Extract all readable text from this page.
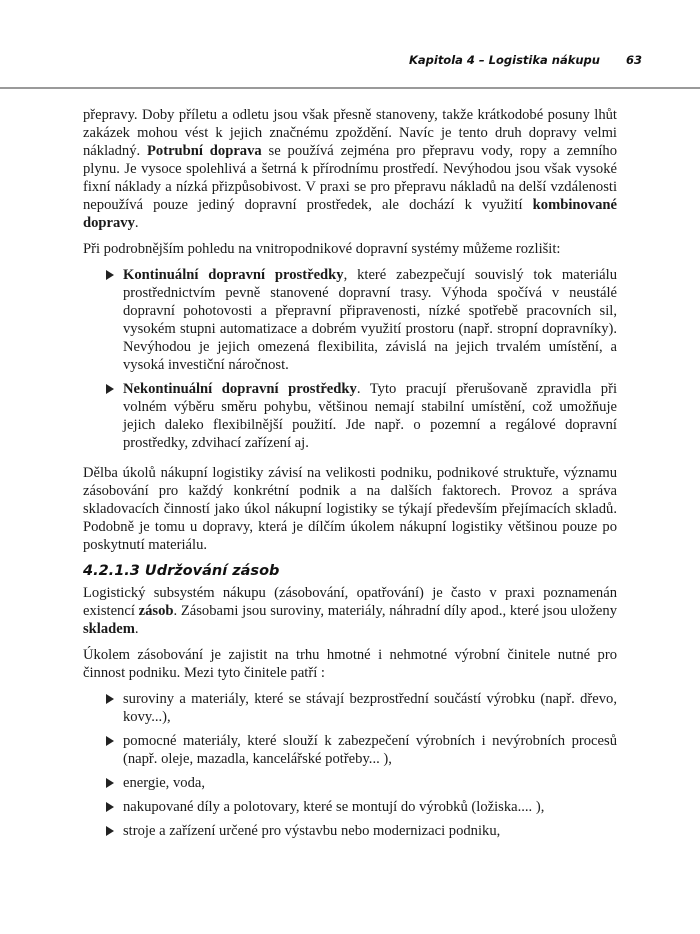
Kapitola 4 – Logistika nákupu 63

přepravy. Doby příletu a odletu jsou však přesně stanoveny, takže krátkodobé posuny lhůt zakázek mohou vést k jejich značnému zpoždění. Navíc je tento druh dopravy velmi nákladný. Potrubní doprava se používá zejména pro přepravu vody, ropy a zemního plynu. Je vysoce spolehlivá a šetrná k přírodnímu prostředí. Nevýhodou jsou však vysoké fixní náklady a nízká přizpůsobivost. V praxi se pro přepravu nákladů na delší vzdálenosti nepoužívá pouze jediný dopravní prostředek, ale dochází k využití kombinované dopravy.

Při podrobnějším pohledu na vnitropodnikové dopravní systémy můžeme rozlišit:

Kontinuální dopravní prostředky, které zabezpečují souvislý tok materiálu prostřednictvím pevně stanovené dopravní trasy. Výhoda spočívá v neustálé dopravní pohotovosti a přepravní připravenosti, nízké spotřebě pracovních sil, vysokém stupni automatizace a dobrém využití prostoru (např. stropní dopravníky). Nevýhodou je jejich omezená flexibilita, závislá na jejich trvalém umístění, a vysoká investiční náročnost.
Nekontinuální dopravní prostředky. Tyto pracují přerušovaně zpravidla při volném výběru směru pohybu, většinou nemají stabilní umístění, což umožňuje jejich daleko flexibilnější použití. Jde např. o pozemní a regálové dopravní prostředky, zdvihací zařízení aj.

Dělba úkolů nákupní logistiky závisí na velikosti podniku, podnikové struktuře, významu zásobování pro každý konkrétní podnik a na dalších faktorech. Provoz a správa skladovacích činností jako úkol nákupní logistiky se týkají především přejímacích skladů. Podobně je tomu u dopravy, která je dílčím úkolem nákupní logistiky většinou pouze po poskytnutí materiálu.

4.2.1.3 Udržování zásob

Logistický subsystém nákupu (zásobování, opatřování) je často v praxi poznamenán existencí zásob. Zásobami jsou suroviny, materiály, náhradní díly apod., které jsou uloženy skladem.

Úkolem zásobování je zajistit na trhu hmotné i nehmotné výrobní činitele nutné pro činnost podniku. Mezi tyto činitele patří :

suroviny a materiály, které se stávají bezprostřední součástí výrobku (např. dřevo, kovy...),
pomocné materiály, které slouží k zabezpečení výrobních i nevýrobních procesů (např. oleje, mazadla, kancelářské potřeby... ),
energie, voda,
nakupované díly a polotovary, které se montují do výrobků (ložiska.... ),
stroje a zařízení určené pro výstavbu nebo modernizaci podniku,
